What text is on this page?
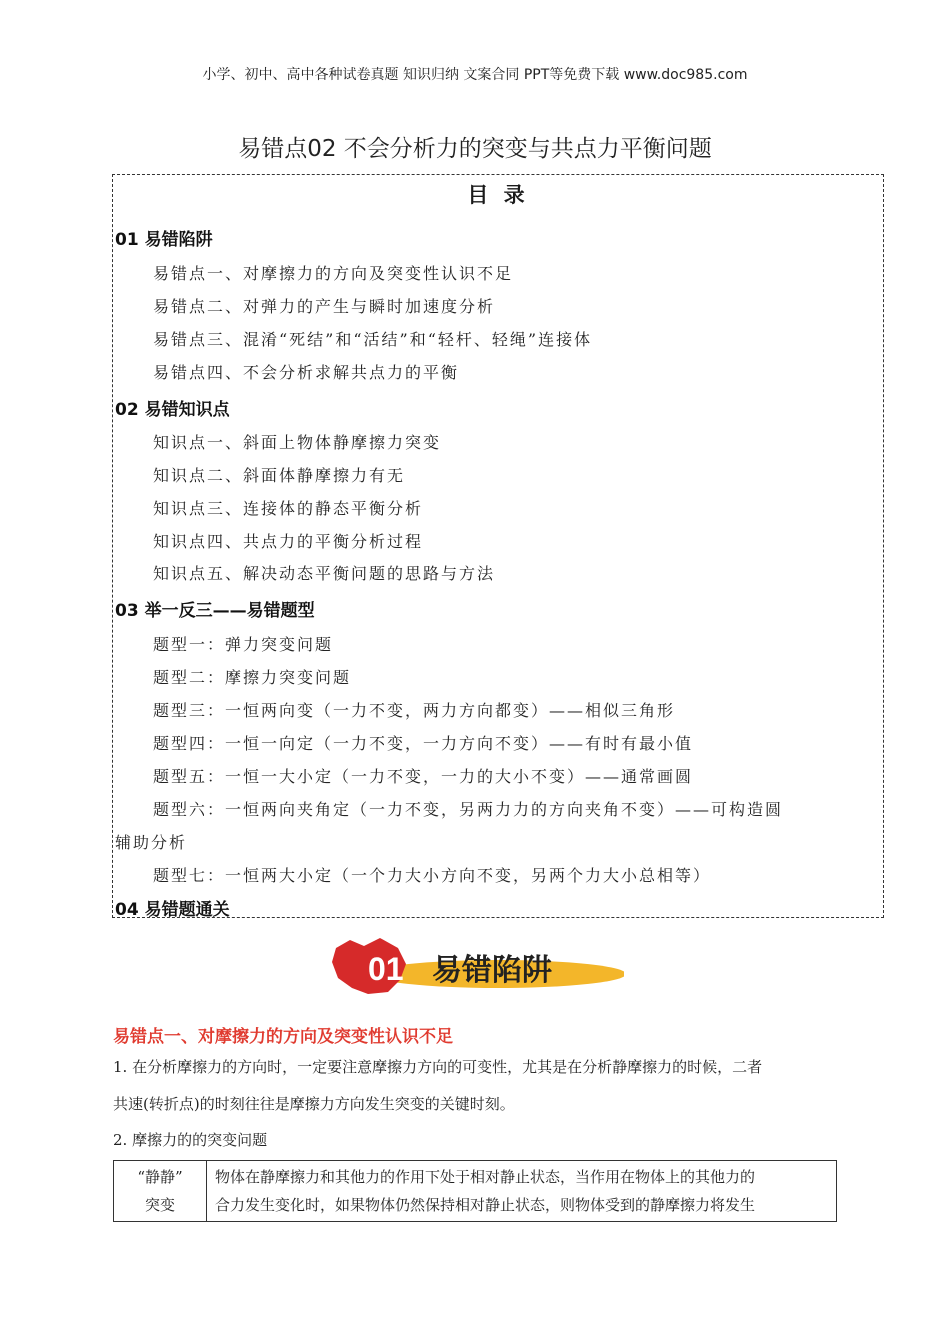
小学、初中、高中各种试卷真题 知识归纳 文案合同 PPT等免费下载 www.doc985.com
易错点02 不会分析力的突变与共点力平衡问题
目 录
01 易错陷阱
易错点一、对摩擦力的方向及突变性认识不足
易错点二、对弹力的产生与瞬时加速度分析
易错点三、混淆“死结”和“活结”和“轻杆、轻绳”连接体
易错点四、不会分析求解共点力的平衡
02 易错知识点
知识点一、斜面上物体静摩擦力突变
知识点二、斜面体静摩擦力有无
知识点三、连接体的静态平衡分析
知识点四、共点力的平衡分析过程
知识点五、解决动态平衡问题的思路与方法
03 举一反三——易错题型
题型一：弹力突变问题
题型二：摩擦力突变问题
题型三：一恒两向变（一力不变，两力方向都变）——相似三角形
题型四：一恒一向定（一力不变，一力方向不变）——有时有最小值
题型五：一恒一大小定（一力不变，一力的大小不变）——通常画圆
题型六：一恒两向夹角定（一力不变，另两力力的方向夹角不变）——可构造圆
辅助分析
题型七：一恒两大小定（一个力大小方向不变，另两个力大小总相等）
04 易错题通关
01 易错陷阱
易错点一、对摩擦力的方向及突变性认识不足
1. 在分析摩擦力的方向时，一定要注意摩擦力方向的可变性，尤其是在分析静摩擦力的时候，二者
共速(转折点)的时刻往往是摩擦力方向发生突变的关键时刻。
2. 摩擦力的的突变问题
“静静”
突变

物体在静摩擦力和其他力的作用下处于相对静止状态，当作用在物体上的其他力的
合力发生变化时，如果物体仍然保持相对静止状态，则物体受到的静摩擦力将发生
